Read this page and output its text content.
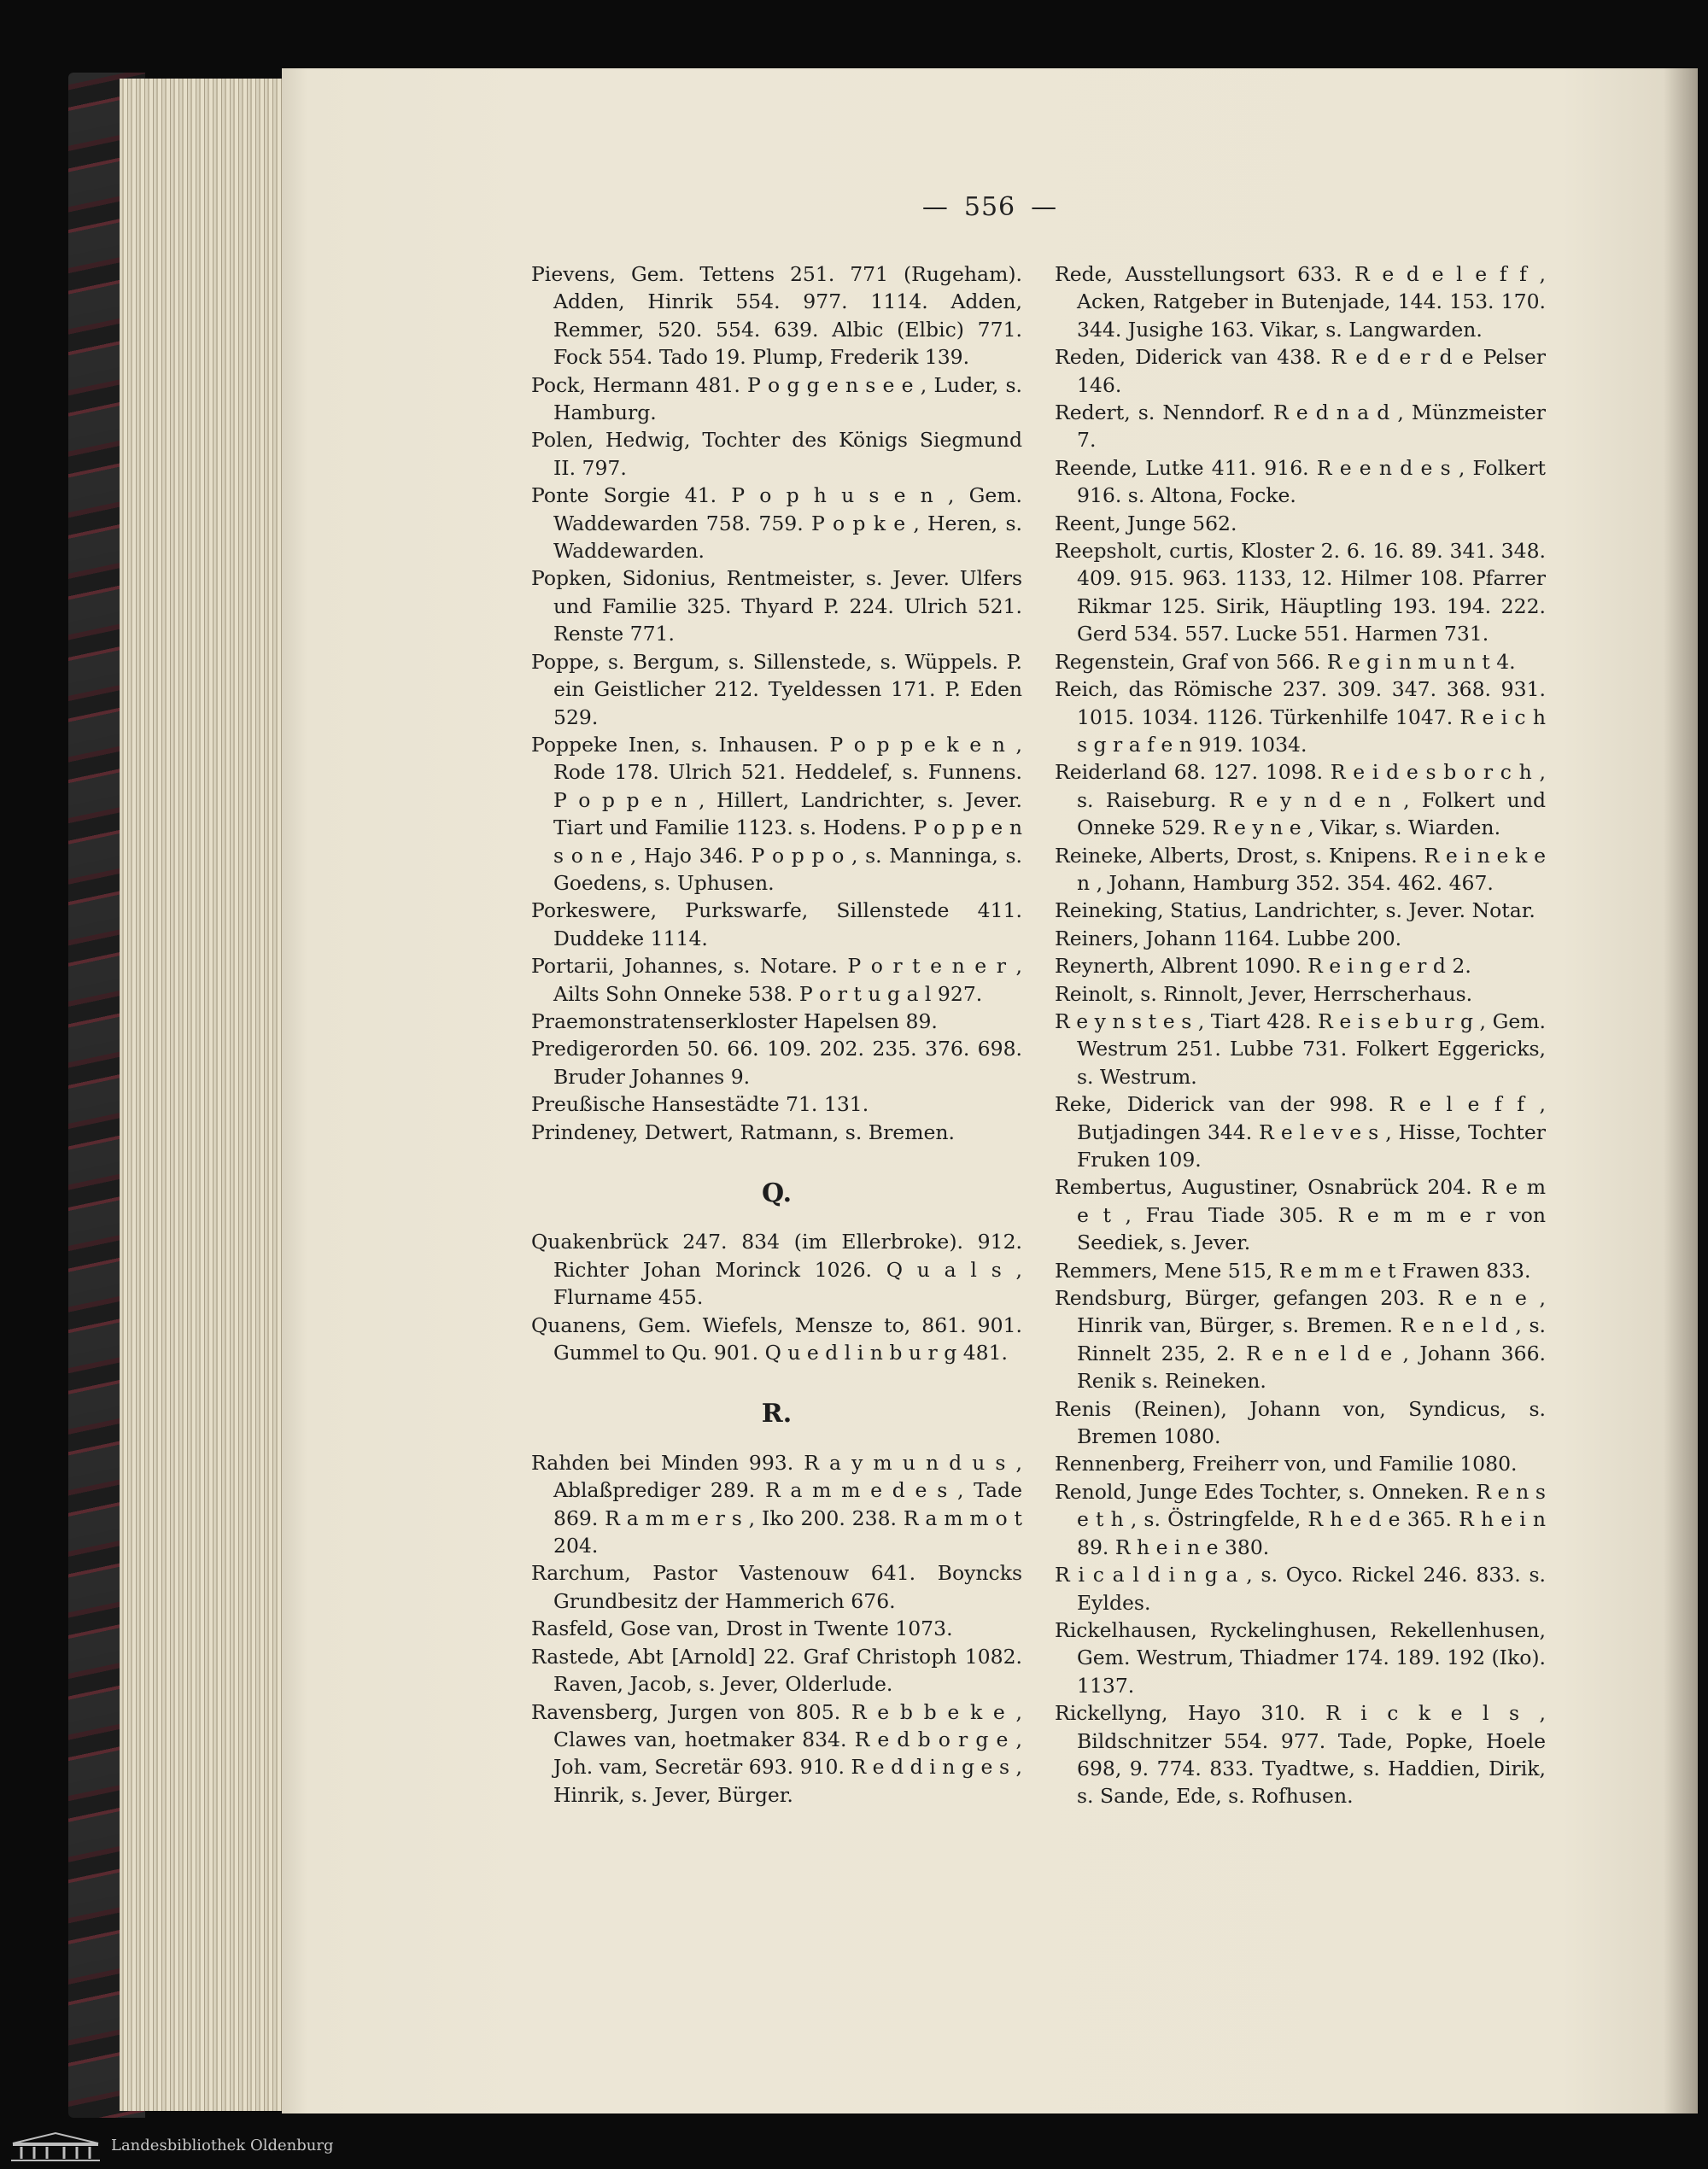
— 556 —

Pievens, Gem. Tettens 251. 771 (Rugeham). Adden, Hinrik 554. 977. 1114. Adden, Remmer, 520. 554. 639. Albic (Elbic) 771. Fock 554. Tado 19. Plump, Frederik 139.

Pock, Hermann 481. P o g g e n s e e , Luder, s. Hamburg.

Polen, Hedwig, Tochter des Königs Siegmund II. 797.

Ponte Sorgie 41. P o p h u s e n , Gem. Waddewarden 758. 759. P o p k e , Heren, s. Waddewarden.

Popken, Sidonius, Rentmeister, s. Jever. Ulfers und Familie 325. Thyard P. 224. Ulrich 521. Renste 771.

Poppe, s. Bergum, s. Sillenstede, s. Wüppels. P. ein Geistlicher 212. Tyeldessen 171. P. Eden 529.

Poppeke Inen, s. Inhausen. P o p p e k e n , Rode 178. Ulrich 521. Heddelef, s. Funnens. P o p p e n , Hillert, Landrichter, s. Jever. Tiart und Familie 1123. s. Hodens. P o p p e n s o n e , Hajo 346. P o p p o , s. Manninga, s. Goedens, s. Uphusen.

Porkeswere, Purkswarfe, Sillenstede 411. Duddeke 1114.

Portarii, Johannes, s. Notare. P o r t e n e r , Ailts Sohn Onneke 538. P o r t u g a l 927.

Praemonstratenserkloster Hapelsen 89.

Predigerorden 50. 66. 109. 202. 235. 376. 698. Bruder Johannes 9.

Preußische Hansestädte 71. 131.

Prindeney, Detwert, Ratmann, s. Bremen.

Q.

Quakenbrück 247. 834 (im Ellerbroke). 912. Richter Johan Morinck 1026. Q u a l s , Flurname 455.

Quanens, Gem. Wiefels, Mensze to, 861. 901. Gummel to Qu. 901. Q u e d l i n b u r g 481.

R.

Rahden bei Minden 993. R a y m u n d u s , Ablaßprediger 289. R a m m e d e s , Tade 869. R a m m e r s , Iko 200. 238. R a m m o t 204.

Rarchum, Pastor Vastenouw 641. Boyncks Grundbesitz der Hammerich 676.

Rasfeld, Gose van, Drost in Twente 1073.

Rastede, Abt [Arnold] 22. Graf Christoph 1082. Raven, Jacob, s. Jever, Olderlude.

Ravensberg, Jurgen von 805. R e b b e k e , Clawes van, hoetmaker 834. R e d b o r g e , Joh. vam, Secretär 693. 910. R e d d i n g e s , Hinrik, s. Jever, Bürger.

Rede, Ausstellungsort 633. R e d e l e f f , Acken, Ratgeber in Butenjade, 144. 153. 170. 344. Jusighe 163. Vikar, s. Langwarden.

Reden, Diderick van 438. R e d e r d e Pelser 146.

Redert, s. Nenndorf. R e d n a d , Münzmeister 7.

Reende, Lutke 411. 916. R e e n d e s , Folkert 916. s. Altona, Focke.

Reent, Junge 562.

Reepsholt, curtis, Kloster 2. 6. 16. 89. 341. 348. 409. 915. 963. 1133, 12. Hilmer 108. Pfarrer Rikmar 125. Sirik, Häuptling 193. 194. 222. Gerd 534. 557. Lucke 551. Harmen 731.

Regenstein, Graf von 566. R e g i n m u n t 4.

Reich, das Römische 237. 309. 347. 368. 931. 1015. 1034. 1126. Türkenhilfe 1047. R e i c h s g r a f e n 919. 1034.

Reiderland 68. 127. 1098. R e i d e s b o r c h , s. Raiseburg. R e y n d e n , Folkert und Onneke 529. R e y n e , Vikar, s. Wiarden.

Reineke, Alberts, Drost, s. Knipens. R e i n e k e n , Johann, Hamburg 352. 354. 462. 467.

Reineking, Statius, Landrichter, s. Jever. Notar.

Reiners, Johann 1164. Lubbe 200.

Reynerth, Albrent 1090. R e i n g e r d 2.

Reinolt, s. Rinnolt, Jever, Herrscherhaus.

R e y n s t e s , Tiart 428. R e i s e b u r g , Gem. Westrum 251. Lubbe 731. Folkert Eggericks, s. Westrum.

Reke, Diderick van der 998. R e l e f f , Butjadingen 344. R e l e v e s , Hisse, Tochter Fruken 109.

Rembertus, Augustiner, Osnabrück 204. R e m e t , Frau Tiade 305. R e m m e r von Seediek, s. Jever.

Remmers, Mene 515, R e m m e t Frawen 833.

Rendsburg, Bürger, gefangen 203. R e n e , Hinrik van, Bürger, s. Bremen. R e n e l d , s. Rinnelt 235, 2. R e n e l d e , Johann 366. Renik s. Reineken.

Renis (Reinen), Johann von, Syndicus, s. Bremen 1080.

Rennenberg, Freiherr von, und Familie 1080.

Renold, Junge Edes Tochter, s. Onneken. R e n s e t h , s. Östringfelde, R h e d e 365. R h e i n 89. R h e i n e 380.

R i c a l d i n g a , s. Oyco. Rickel 246. 833. s. Eyldes.

Rickelhausen, Ryckelinghusen, Rekellenhusen, Gem. Westrum, Thiadmer 174. 189. 192 (Iko). 1137.

Rickellyng, Hayo 310. R i c k e l s , Bildschnitzer 554. 977. Tade, Popke, Hoele 698, 9. 774. 833. Tyadtwe, s. Haddien, Dirik, s. Sande, Ede, s. Rofhusen.

Landesbibliothek Oldenburg
